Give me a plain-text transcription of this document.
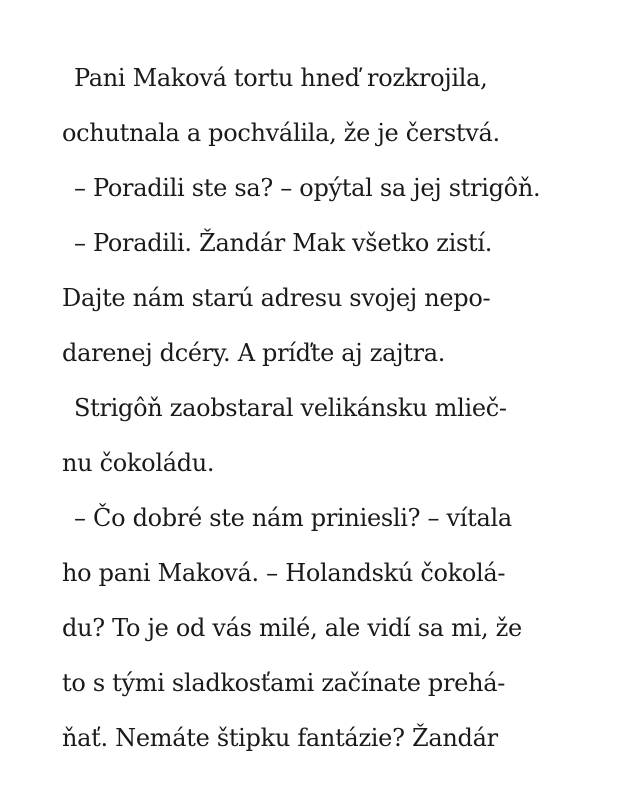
Pani Maková tortu hneď rozkrojila,
ochutnala a pochválila, že je čerstvá.
– Poradili ste sa? – opýtal sa jej strigôň.
– Poradili. Žandár Mak všetko zistí.
Dajte nám starú adresu svojej nepo-
darenej dcéry. A príďte aj zajtra.
Strigôň zaobstaral velikánsku mlieč-
nu čokoládu.
– Čo dobré ste nám priniesli? – vítala
ho pani Maková. – Holandskú čokolá-
du? To je od vás milé, ale vidí sa mi, že
to s tými sladkosťami začínate prehá-
ňať. Nemáte štipku fantázie? Žandár
